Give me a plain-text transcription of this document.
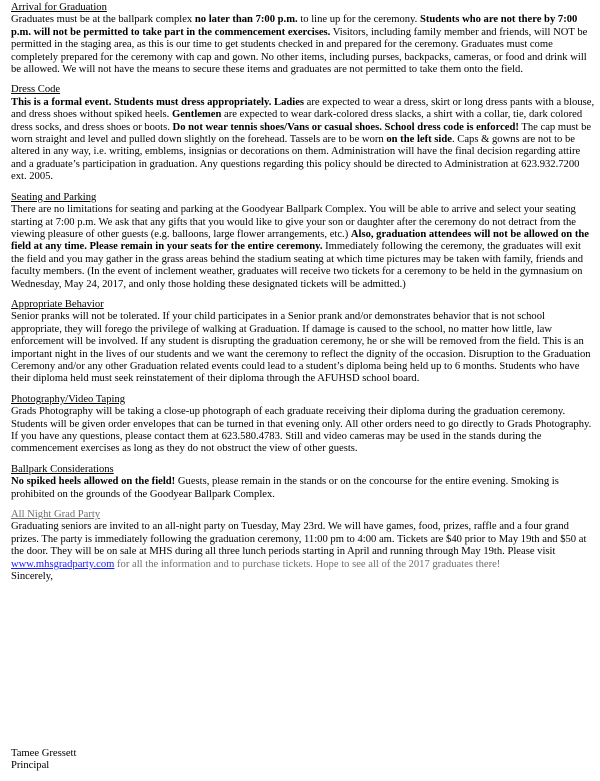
Arrival for Graduation

Graduates must be at the ballpark complex no later than 7:00 p.m. to line up for the ceremony. Students who are not there by 7:00 p.m. will not be permitted to take part in the commencement exercises. Visitors, including family member and friends, will NOT be permitted in the staging area, as this is our time to get students checked in and prepared for the ceremony. Graduates must come completely prepared for the ceremony with cap and gown. No other items, including purses, backpacks, cameras, or food and drink will be allowed. We will not have the means to secure these items and graduates are not permitted to take them onto the field.

Dress Code

This is a formal event. Students must dress appropriately. Ladies are expected to wear a dress, skirt or long dress pants with a blouse, and dress shoes without spiked heels. Gentlemen are expected to wear dark-colored dress slacks, a shirt with a collar, tie, dark colored dress socks, and dress shoes or boots. Do not wear tennis shoes/Vans or casual shoes. School dress code is enforced! The cap must be worn straight and level and pulled down slightly on the forehead. Tassels are to be worn on the left side. Caps & gowns are not to be altered in any way, i.e. writing, emblems, insignias or decorations on them. Administration will have the final decision regarding attire and a graduate’s participation in graduation. Any questions regarding this policy should be directed to Administration at 623.932.7200 ext. 2005.

Seating and Parking

There are no limitations for seating and parking at the Goodyear Ballpark Complex. You will be able to arrive and select your seating starting at 7:00 p.m. We ask that any gifts that you would like to give your son or daughter after the ceremony do not detract from the viewing pleasure of other guests (e.g. balloons, large flower arrangements, etc.) Also, graduation attendees will not be allowed on the field at any time. Please remain in your seats for the entire ceremony. Immediately following the ceremony, the graduates will exit the field and you may gather in the grass areas behind the stadium seating at which time pictures may be taken with family, friends and faculty members. (In the event of inclement weather, graduates will receive two tickets for a ceremony to be held in the gymnasium on Wednesday, May 24, 2017, and only those holding these designated tickets will be admitted.)

Appropriate Behavior

Senior pranks will not be tolerated. If your child participates in a Senior prank and/or demonstrates behavior that is not school appropriate, they will forego the privilege of walking at Graduation. If damage is caused to the school, no matter how little, law enforcement will be involved. If any student is disrupting the graduation ceremony, he or she will be removed from the field. This is an important night in the lives of our students and we want the ceremony to reflect the dignity of the occasion. Disruption to the Graduation Ceremony and/or any other Graduation related events could lead to a student’s diploma being held up to 6 months. Students who have their diploma held must seek reinstatement of their diploma through the AFUHSD school board.

Photography/Video Taping

Grads Photography will be taking a close-up photograph of each graduate receiving their diploma during the graduation ceremony. Students will be given order envelopes that can be turned in that evening only. All other orders need to go directly to Grads Photography. If you have any questions, please contact them at 623.580.4783. Still and video cameras may be used in the stands during the commencement exercises as long as they do not obstruct the view of other guests.

Ballpark Considerations

No spiked heels allowed on the field! Guests, please remain in the stands or on the concourse for the entire evening. Smoking is prohibited on the grounds of the Goodyear Ballpark Complex.

All Night Grad Party

Graduating seniors are invited to an all-night party on Tuesday, May 23rd. We will have games, food, prizes, raffle and a four grand prizes. The party is immediately following the graduation ceremony, 11:00 pm to 4:00 am. Tickets are $40 prior to May 19th and $50 at the door. They will be on sale at MHS during all three lunch periods starting in April and running through May 19th. Please visit www.mhsgradparty.com for all the information and to purchase tickets. Hope to see all of the 2017 graduates there!

Sincerely,

Tamee Gressett

Principal
